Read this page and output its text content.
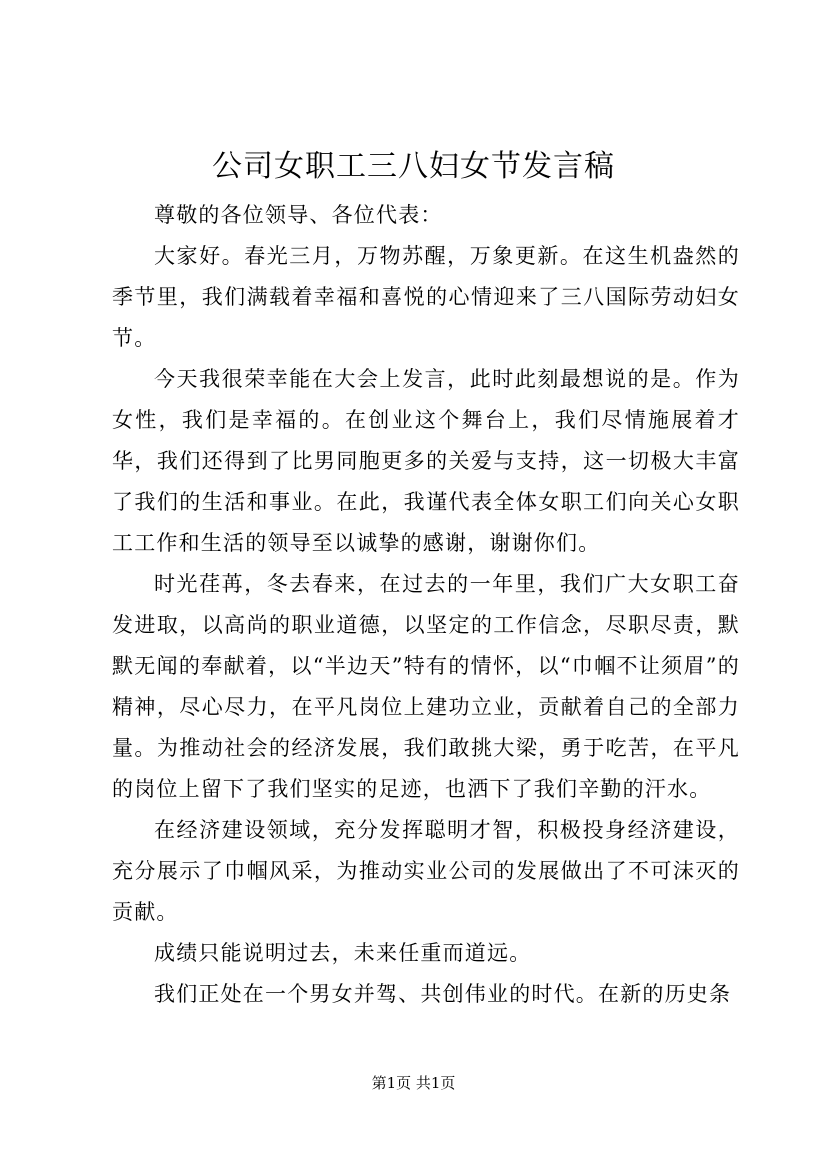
公司女职工三八妇女节发言稿

尊敬的各位领导、各位代表：

大家好。春光三月，万物苏醒，万象更新。在这生机盎然的季节里，我们满载着幸福和喜悦的心情迎来了三八国际劳动妇女节。

今天我很荣幸能在大会上发言，此时此刻最想说的是。作为女性，我们是幸福的。在创业这个舞台上，我们尽情施展着才华，我们还得到了比男同胞更多的关爱与支持，这一切极大丰富了我们的生活和事业。在此，我谨代表全体女职工们向关心女职工工作和生活的领导至以诚挚的感谢，谢谢你们。

时光荏苒，冬去春来，在过去的一年里，我们广大女职工奋发进取，以高尚的职业道德，以坚定的工作信念，尽职尽责，默默无闻的奉献着，以“半边天”特有的情怀，以“巾帼不让须眉”的精神，尽心尽力，在平凡岗位上建功立业，贡献着自己的全部力量。为推动社会的经济发展，我们敢挑大梁，勇于吃苦，在平凡的岗位上留下了我们坚实的足迹，也洒下了我们辛勤的汗水。

在经济建设领域，充分发挥聪明才智，积极投身经济建设，充分展示了巾帼风采，为推动实业公司的发展做出了不可沫灭的贡献。

成绩只能说明过去，未来任重而道远。

我们正处在一个男女并驾、共创伟业的时代。在新的历史条

第1页 共1页
